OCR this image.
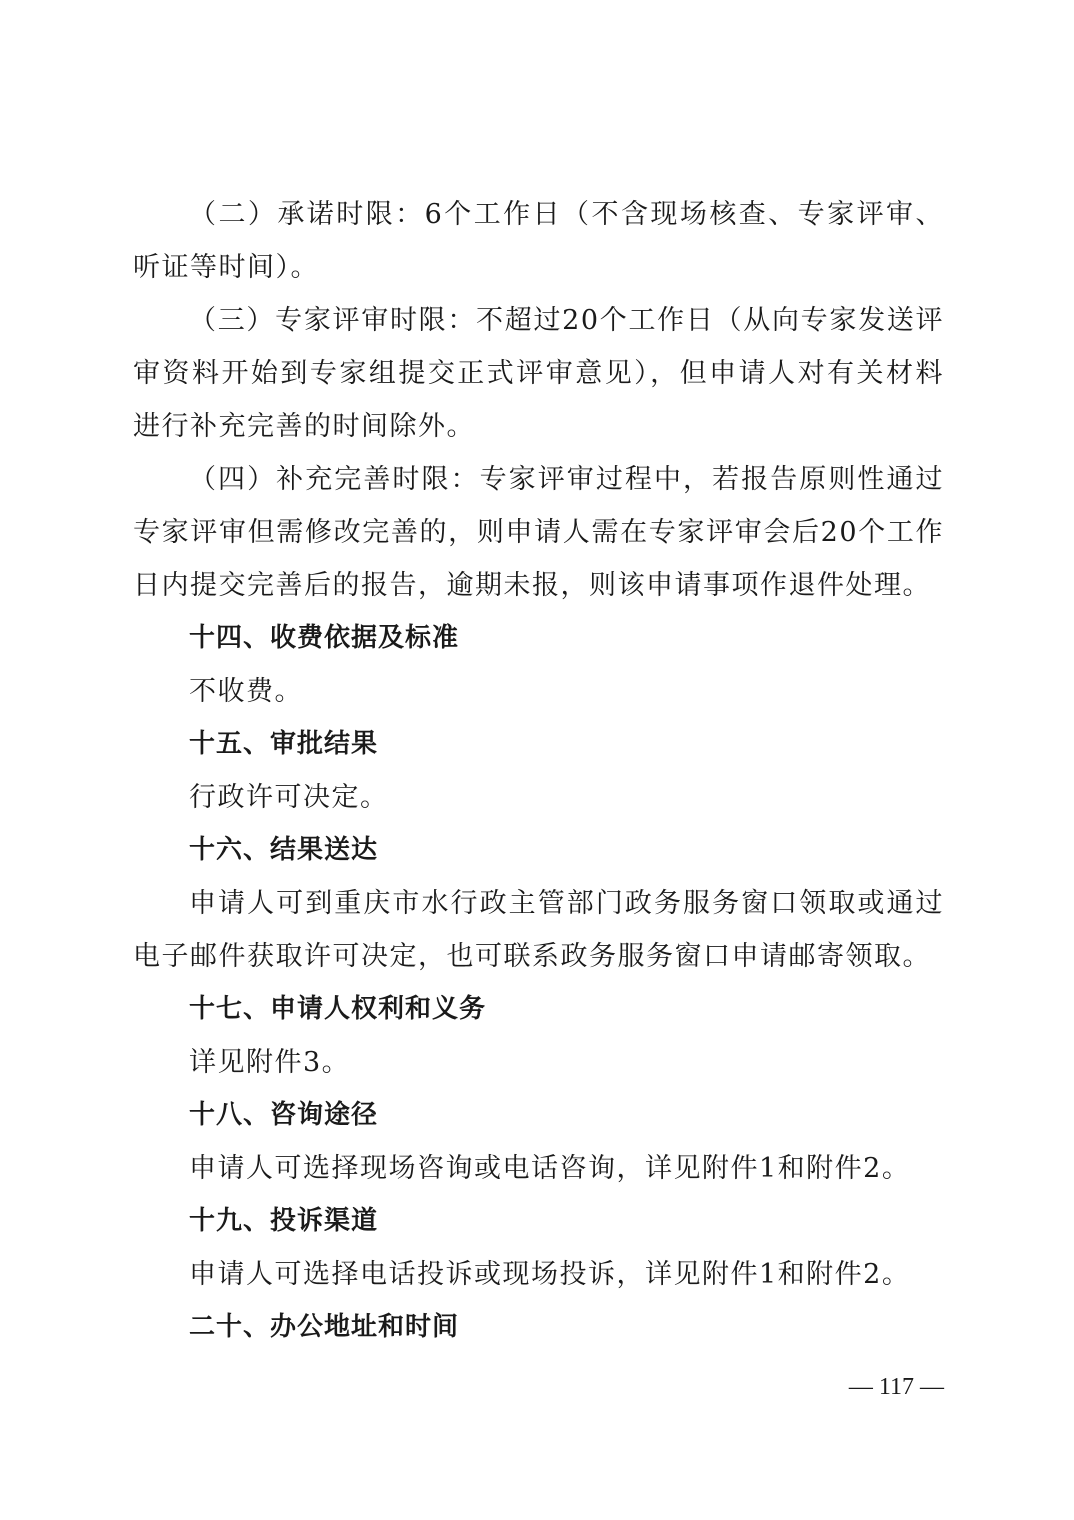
（二）承诺时限：6个工作日（不含现场核查、专家评审、听证等时间）。

（三）专家评审时限：不超过20个工作日（从向专家发送评审资料开始到专家组提交正式评审意见），但申请人对有关材料进行补充完善的时间除外。

（四）补充完善时限：专家评审过程中，若报告原则性通过专家评审但需修改完善的，则申请人需在专家评审会后20个工作日内提交完善后的报告，逾期未报，则该申请事项作退件处理。

十四、收费依据及标准

不收费。

十五、审批结果

行政许可决定。

十六、结果送达

申请人可到重庆市水行政主管部门政务服务窗口领取或通过电子邮件获取许可决定，也可联系政务服务窗口申请邮寄领取。

十七、申请人权利和义务

详见附件3。

十八、咨询途径

申请人可选择现场咨询或电话咨询，详见附件1和附件2。

十九、投诉渠道

申请人可选择电话投诉或现场投诉，详见附件1和附件2。

二十、办公地址和时间
— 117 —
